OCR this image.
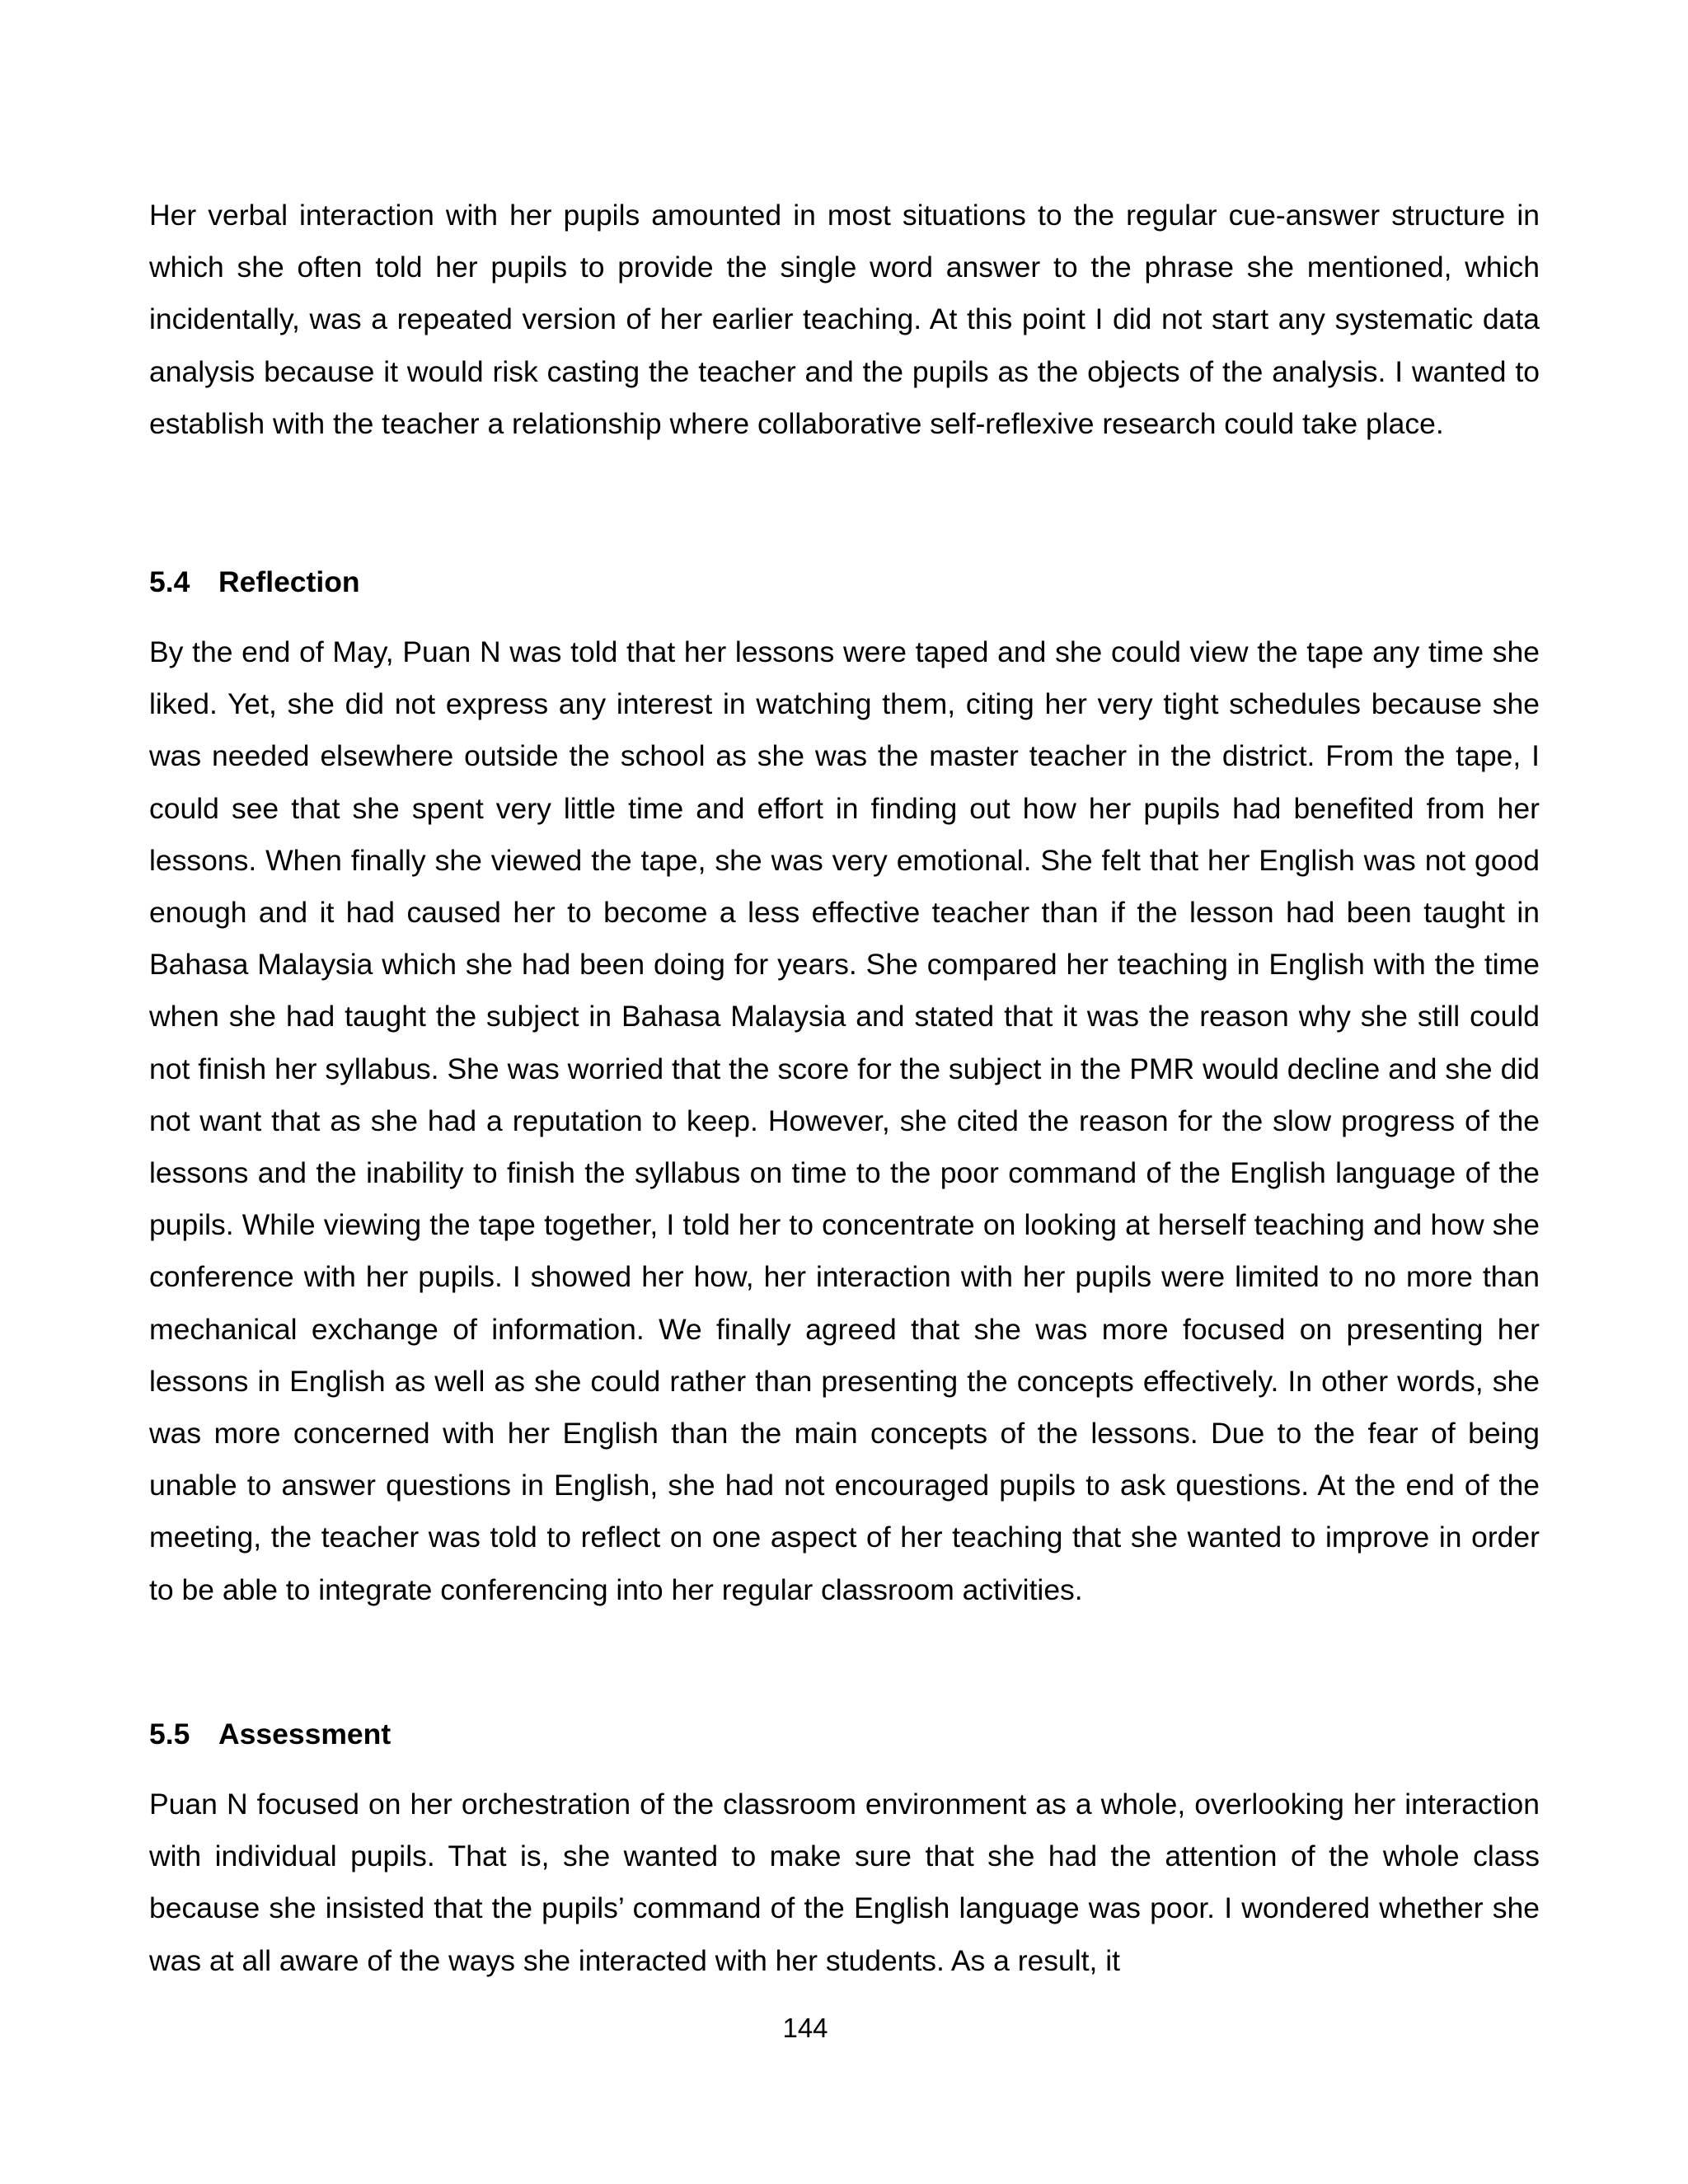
Her verbal interaction with her pupils amounted in most situations to the regular cue-answer structure in which she often told her pupils to provide the single word answer to the phrase she mentioned, which incidentally, was a repeated version of her earlier teaching. At this point I did not start any systematic data analysis because it would risk casting the teacher and the pupils as the objects of the analysis. I wanted to establish with the teacher a relationship where collaborative self-reflexive research could take place.

5.4 Reflection

By the end of May, Puan N was told that her lessons were taped and she could view the tape any time she liked. Yet, she did not express any interest in watching them, citing her very tight schedules because she was needed elsewhere outside the school as she was the master teacher in the district. From the tape, I could see that she spent very little time and effort in finding out how her pupils had benefited from her lessons. When finally she viewed the tape, she was very emotional. She felt that her English was not good enough and it had caused her to become a less effective teacher than if the lesson had been taught in Bahasa Malaysia which she had been doing for years. She compared her teaching in English with the time when she had taught the subject in Bahasa Malaysia and stated that it was the reason why she still could not finish her syllabus. She was worried that the score for the subject in the PMR would decline and she did not want that as she had a reputation to keep. However, she cited the reason for the slow progress of the lessons and the inability to finish the syllabus on time to the poor command of the English language of the pupils. While viewing the tape together, I told her to concentrate on looking at herself teaching and how she conference with her pupils. I showed her how, her interaction with her pupils were limited to no more than mechanical exchange of information. We finally agreed that she was more focused on presenting her lessons in English as well as she could rather than presenting the concepts effectively. In other words, she was more concerned with her English than the main concepts of the lessons. Due to the fear of being unable to answer questions in English, she had not encouraged pupils to ask questions. At the end of the meeting, the teacher was told to reflect on one aspect of her teaching that she wanted to improve in order to be able to integrate conferencing into her regular classroom activities.

5.5 Assessment

Puan N focused on her orchestration of the classroom environment as a whole, overlooking her interaction with individual pupils. That is, she wanted to make sure that she had the attention of the whole class because she insisted that the pupils’ command of the English language was poor. I wondered whether she was at all aware of the ways she interacted with her students. As a result, it

144
